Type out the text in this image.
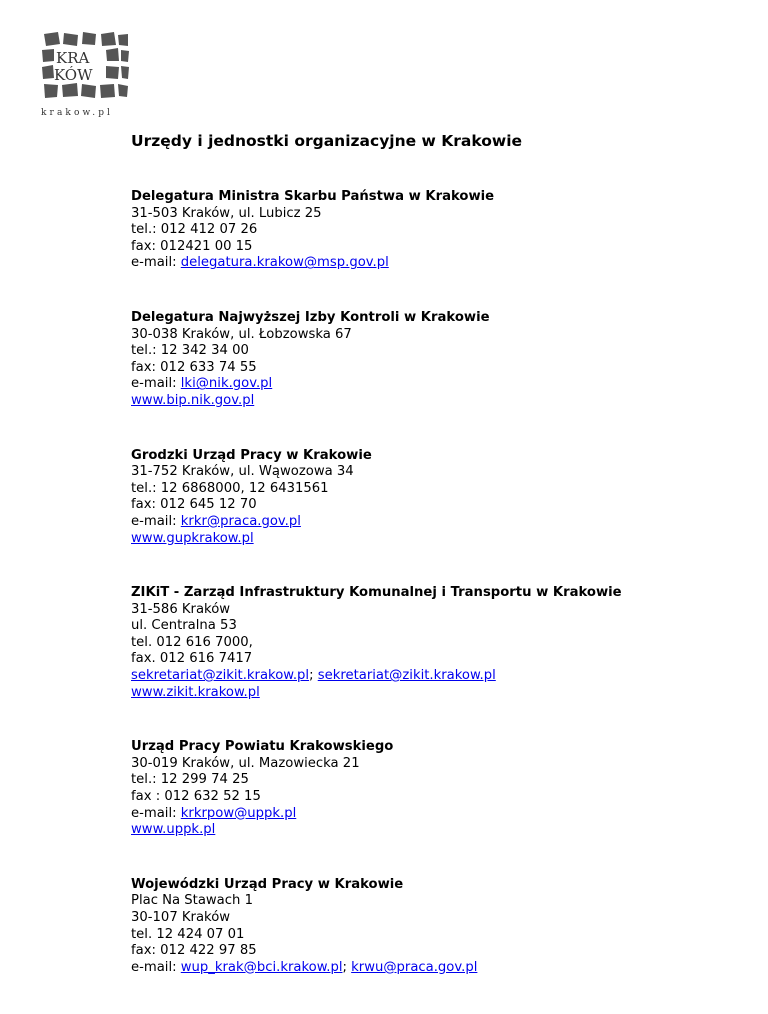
KRA
KÓW
krakow.pl
Urzędy i jednostki organizacyjne w Krakowie
Delegatura Ministra Skarbu Państwa w Krakowie
31-503 Kraków, ul. Lubicz 25
tel.: 012 412 07 26
fax: 012421 00 15
e-mail: delegatura.krakow@msp.gov.pl
Delegatura Najwyższej Izby Kontroli w Krakowie
30-038 Kraków, ul. Łobzowska 67
tel.: 12 342 34 00
fax: 012 633 74 55
e-mail: lki@nik.gov.pl
www.bip.nik.gov.pl
Grodzki Urząd Pracy w Krakowie
31-752 Kraków, ul. Wąwozowa 34
tel.: 12 6868000, 12 6431561
fax: 012 645 12 70
e-mail: krkr@praca.gov.pl
www.gupkrakow.pl
ZIKiT - Zarząd Infrastruktury Komunalnej i Transportu w Krakowie
31-586 Kraków
ul. Centralna 53
tel. 012 616 7000,
fax. 012 616 7417
sekretariat@zikit.krakow.pl; sekretariat@zikit.krakow.pl
www.zikit.krakow.pl
Urząd Pracy Powiatu Krakowskiego
30-019 Kraków, ul. Mazowiecka 21
tel.: 12 299 74 25
fax : 012 632 52 15
e-mail: krkrpow@uppk.pl
www.uppk.pl
Wojewódzki Urząd Pracy w Krakowie
Plac Na Stawach 1
30-107 Kraków
tel. 12 424 07 01
fax: 012 422 97 85
e-mail: wup_krak@bci.krakow.pl; krwu@praca.gov.pl
